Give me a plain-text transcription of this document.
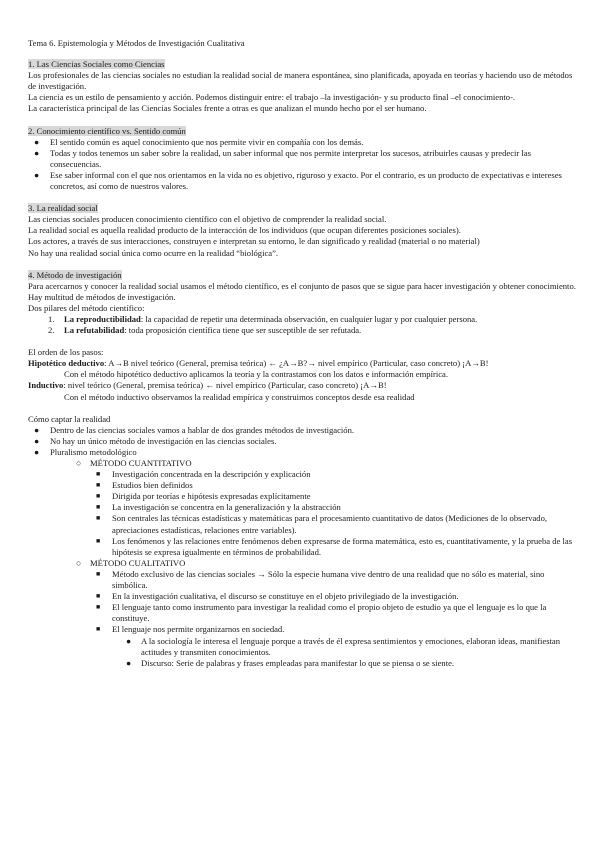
Tema 6. Epistemología y Métodos de Investigación Cualitativa

1. Las Ciencias Sociales como Ciencias

Los profesionales de las ciencias sociales no estudian la realidad social de manera espontánea, sino planificada, apoyada en teorías y haciendo uso de métodos de investigación.

La ciencia es un estilo de pensamiento y acción. Podemos distinguir entre: el trabajo –la investigación- y su producto final –el conocimiento-.

La característica principal de las Ciencias Sociales frente a otras es que analizan el mundo hecho por el ser humano.

2. Conocimiento científico vs. Sentido común

● El sentido común es aquel conocimiento que nos permite vivir en compañía con los demás.
● Todas y todos tenemos un saber sobre la realidad, un saber informal que nos permite interpretar los sucesos, atribuirles causas y predecir las consecuencias.
● Ese saber informal con el que nos orientamos en la vida no es objetivo, riguroso y exacto. Por el contrario, es un producto de expectativas e intereses concretos, así como de nuestros valores.

3. La realidad social

Las ciencias sociales producen conocimiento científico con el objetivo de comprender la realidad social.

La realidad social es aquella realidad producto de la interacción de los individuos (que ocupan diferentes posiciones sociales).

Los actores, a través de sus interacciones, construyen e interpretan su entorno, le dan significado y realidad (material o no material)

No hay una realidad social única como ocurre en la realidad “biológica”.

4. Método de investigación

Para acercarnos y conocer la realidad social usamos el método científico, es el conjunto de pasos que se sigue para hacer investigación y obtener conocimiento. Hay multitud de métodos de investigación.

Dos pilares del método científico:

1. La reproductibilidad: la capacidad de repetir una determinada observación, en cualquier lugar y por cualquier persona.
2. La refutabilidad: toda proposición científica tiene que ser susceptible de ser refutada.

El orden de los pasos:

Hipotético deductivo: A→B nivel teórico (General, premisa teórica) ← ¿A→B?→ nivel empírico (Particular, caso concreto) ¡A→B!

Con el método hipotético deductivo aplicamos la teoría y la contrastamos con los datos e información empírica.

Inductivo: nivel teórico (General, premisa teórica) ← nivel empírico (Particular, caso concreto) ¡A→B!

Con el método inductivo observamos la realidad empírica y construimos conceptos desde esa realidad

Cómo captar la realidad

● Dentro de las ciencias sociales vamos a hablar de dos grandes métodos de investigación.
● No hay un único método de investigación en las ciencias sociales.
● Pluralismo metodológico
○ MÉTODO CUANTITATIVO
■ Investigación concentrada en la descripción y explicación
■ Estudios bien definidos
■ Dirigida por teorías e hipótesis expresadas explícitamente
■ La investigación se concentra en la generalización y la abstracción
■ Son centrales las técnicas estadísticas y matemáticas para el procesamiento cuantitativo de datos (Mediciones de lo observado, apreciaciones estadísticas, relaciones entre variables).
■ Los fenómenos y las relaciones entre fenómenos deben expresarse de forma matemática, esto es, cuantitativamente, y la prueba de las hipótesis se expresa igualmente en términos de probabilidad.
○ MÉTODO CUALITATIVO
■ Método exclusivo de las ciencias sociales → Sólo la especie humana vive dentro de una realidad que no sólo es material, sino simbólica.
■ En la investigación cualitativa, el discurso se constituye en el objeto privilegiado de la investigación.
■ El lenguaje tanto como instrumento para investigar la realidad como el propio objeto de estudio ya que el lenguaje es lo que la constituye.
■ El lenguaje nos permite organizarnos en sociedad.
● A la sociología le interesa el lenguaje porque a través de él expresa sentimientos y emociones, elaboran ideas, manifiestan actitudes y transmiten conocimientos.
● Discurso: Serie de palabras y frases empleadas para manifestar lo que se piensa o se siente.
